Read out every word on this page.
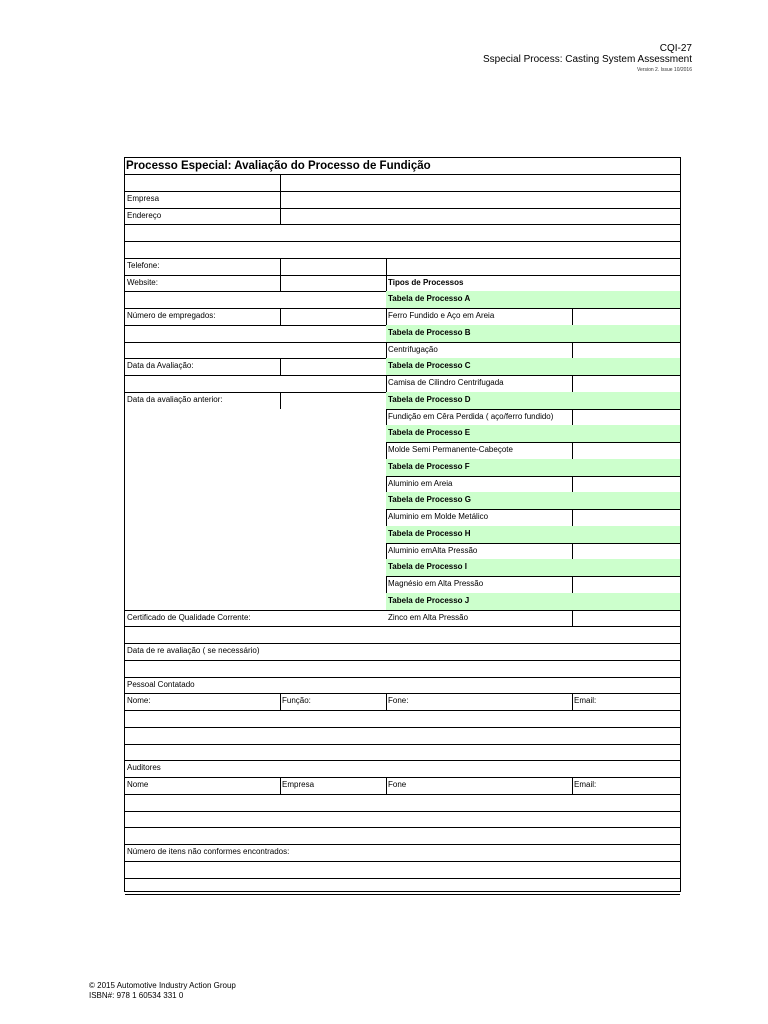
CQI-27
Sspecial Process: Casting System Assessment
Version 2, Issue 10/2016
Processo Especial: Avaliação do Processo de Fundição
Empresa
Endereço
Telefone:
Website:
Número de empregados:
Data da Avaliação:
Data da avaliação anterior:
Tipos de Processos
Tabela de Processo A
Ferro Fundido e Aço em Areia
Tabela de Processo B
Centrifugação
Tabela de Processo C
Camisa de Cilindro Centrifugada
Tabela de Processo D
Fundição em Cêra Perdida ( aço/ferro fundido)
Tabela de Processo E
Molde Semi Permanente-Cabeçote
Tabela de Processo F
Aluminio em Areia
Tabela de Processo G
Aluminio em Molde Metálico
Tabela de Processo H
Aluminio emAlta Pressão
Tabela de Processo I
Magnésio em Alta Pressão
Tabela de Processo J
Zinco em Alta Pressão
Certificado de Qualidade Corrente:
Data de re avaliação ( se necessário)
Pessoal Contatado
Nome:	Função:	Fone:	Email:
Auditores
Nome	Empresa	Fone	Email:
Número de itens não conformes encontrados:
© 2015 Automotive Industry Action Group
ISBN#: 978 1 60534 331 0
